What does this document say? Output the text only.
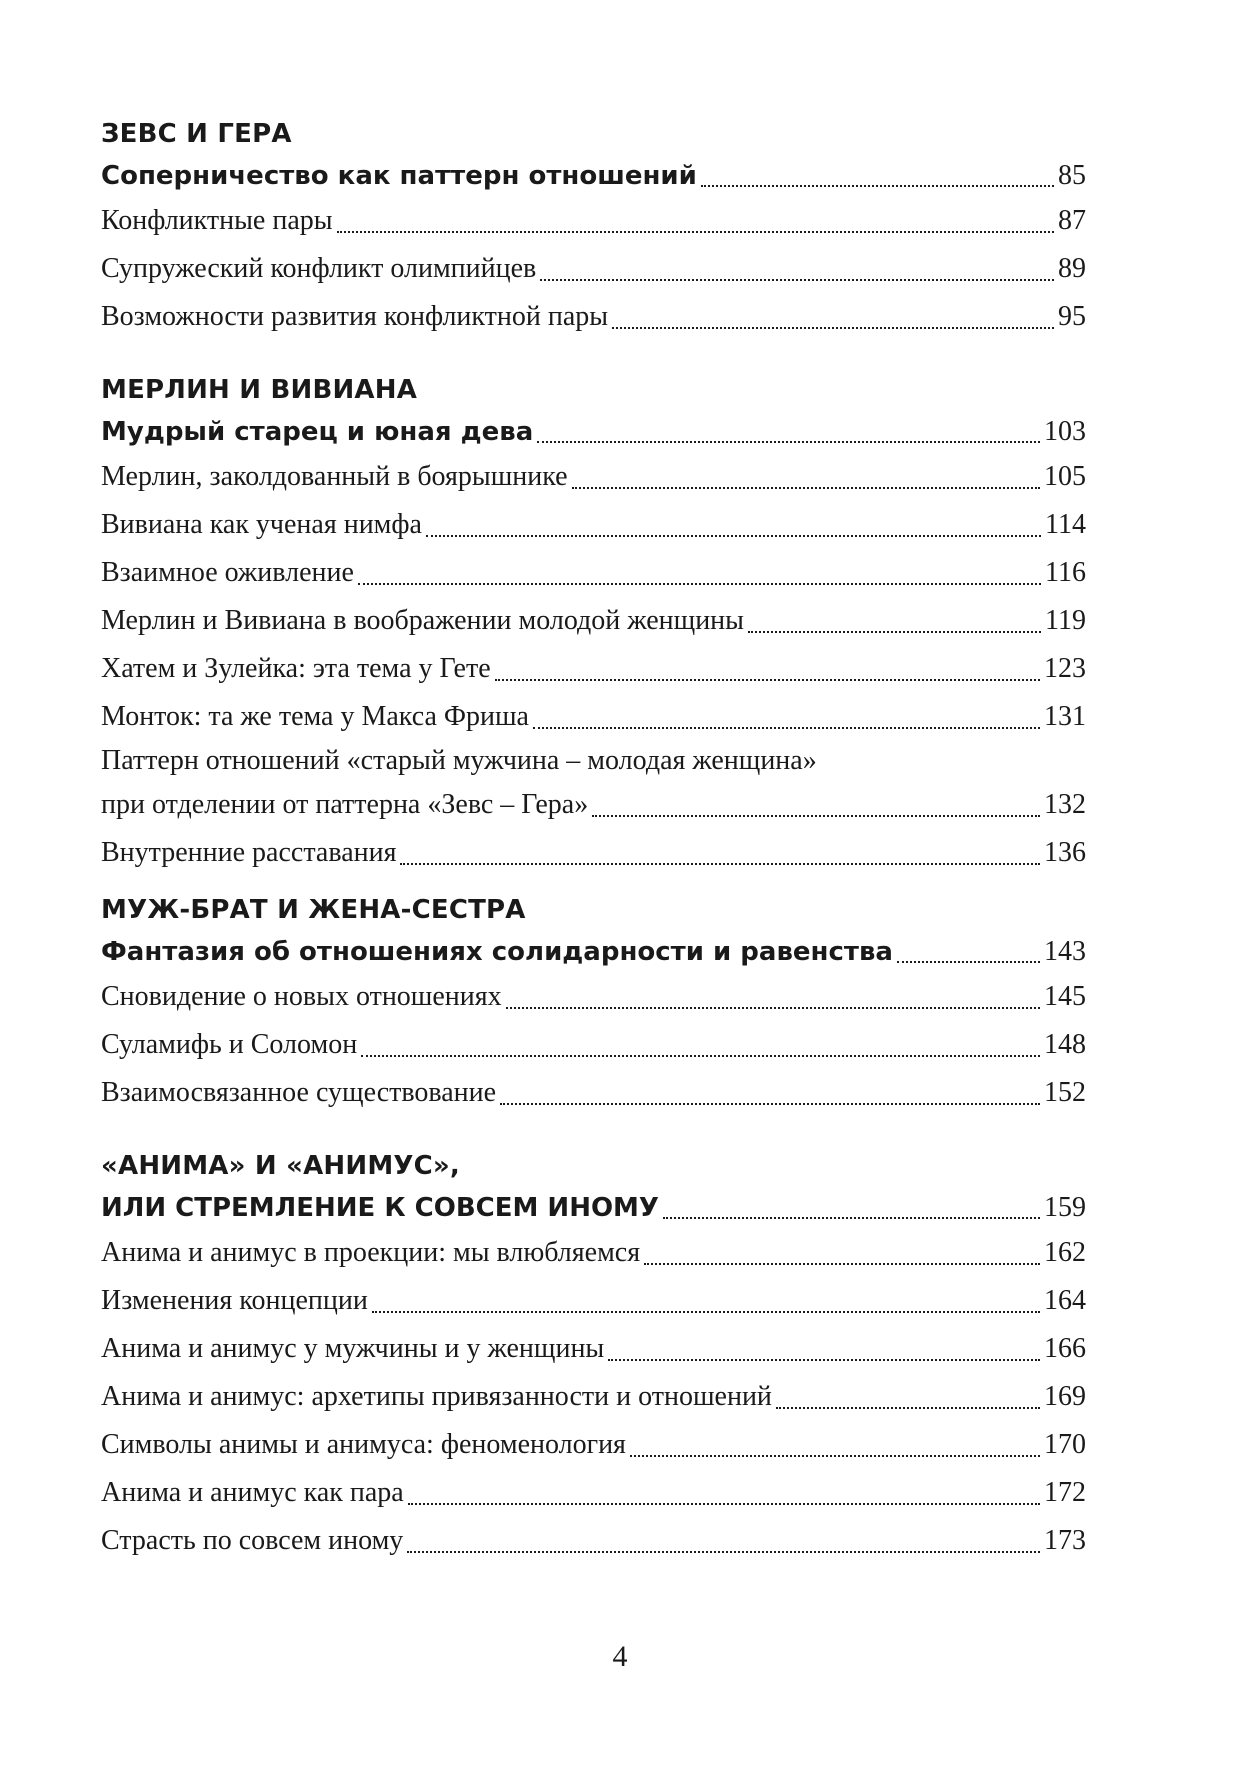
ЗЕВС И ГЕРА
Соперничество как паттерн отношений	85
Конфликтные пары	87
Супружеский конфликт олимпийцев	89
Возможности развития конфликтной пары	95
МЕРЛИН И ВИВИАНА
Мудрый старец и юная дева	103
Мерлин, заколдованный в боярышнике	105
Вивиана как ученая нимфа	114
Взаимное оживление	116
Мерлин и Вивиана в воображении молодой женщины	119
Хатем и Зулейка: эта тема у Гете	123
Монток: та же тема у Макса Фриша	131
Паттерн отношений «старый мужчина – молодая женщина»
при отделении от паттерна «Зевс – Гера»	132
Внутренние расставания	136
МУЖ-БРАТ И ЖЕНА-СЕСТРА
Фантазия об отношениях солидарности и равенства	143
Сновидение о новых отношениях	145
Суламифь и Соломон	148
Взаимосвязанное существование	152
«АНИМА» И «АНИМУС»,
ИЛИ СТРЕМЛЕНИЕ К СОВСЕМ ИНОМУ	159
Анима и анимус в проекции: мы влюбляемся	162
Изменения концепции	164
Анима и анимус у мужчины и у женщины	166
Анима и анимус: архетипы привязанности и отношений	169
Символы анимы и анимуса: феноменология	170
Анима и анимус как пара	172
Страсть по совсем иному	173
4
